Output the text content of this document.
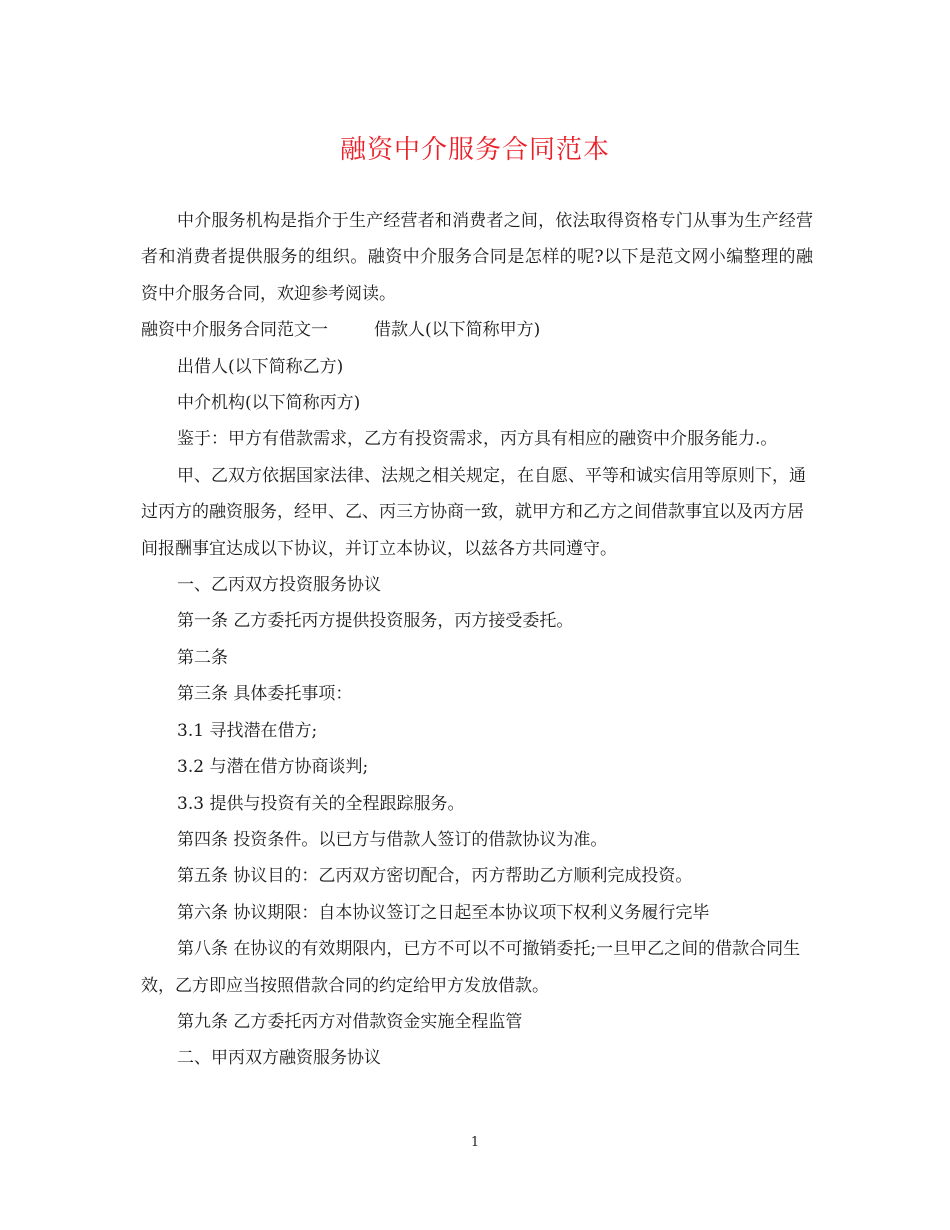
融资中介服务合同范本

中介服务机构是指介于生产经营者和消费者之间，依法取得资格专门从事为生产经营者和消费者提供服务的组织。融资中介服务合同是怎样的呢?以下是范文网小编整理的融资中介服务合同，欢迎参考阅读。

融资中介服务合同范文一	借款人(以下简称甲方)

出借人(以下简称乙方)

中介机构(以下简称丙方)

鉴于：甲方有借款需求，乙方有投资需求，丙方具有相应的融资中介服务能力.。

甲、乙双方依据国家法律、法规之相关规定，在自愿、平等和诚实信用等原则下，通过丙方的融资服务，经甲、乙、丙三方协商一致，就甲方和乙方之间借款事宜以及丙方居间报酬事宜达成以下协议，并订立本协议，以兹各方共同遵守。

一、乙丙双方投资服务协议

第一条 乙方委托丙方提供投资服务，丙方接受委托。

第二条

第三条 具体委托事项：

3.1 寻找潜在借方;

3.2 与潜在借方协商谈判;

3.3 提供与投资有关的全程跟踪服务。

第四条 投资条件。以已方与借款人签订的借款协议为准。

第五条 协议目的：乙丙双方密切配合，丙方帮助乙方顺利完成投资。

第六条 协议期限：自本协议签订之日起至本协议项下权利义务履行完毕

第八条 在协议的有效期限内，已方不可以不可撤销委托;一旦甲乙之间的借款合同生效，乙方即应当按照借款合同的约定给甲方发放借款。

第九条 乙方委托丙方对借款资金实施全程监管

二、甲丙双方融资服务协议

1
